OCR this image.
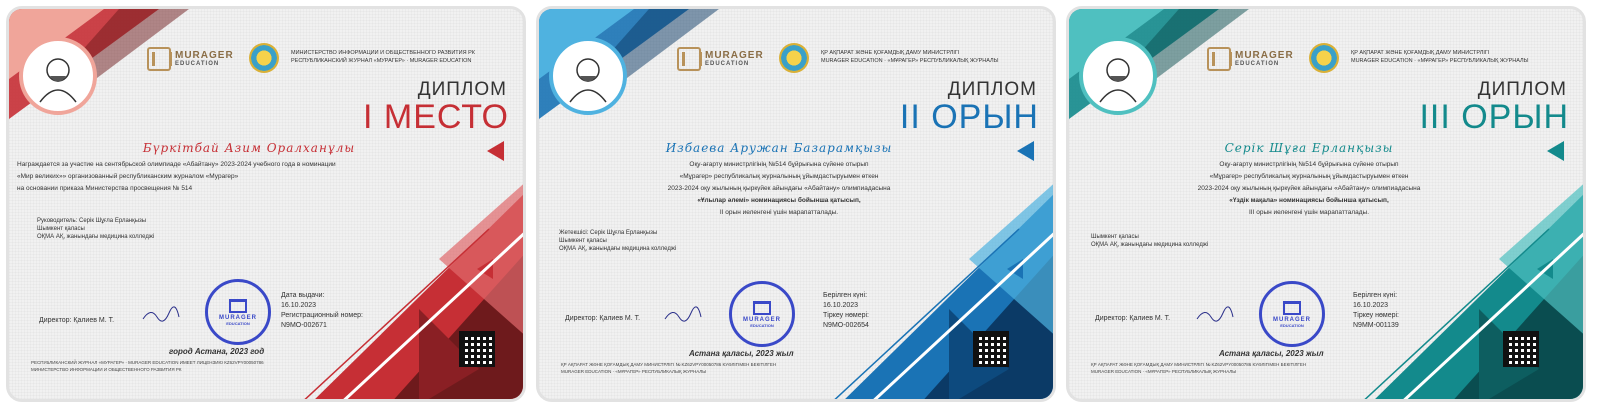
MURAGER
EDUCATION
МИНИСТЕРСТВО ИНФОРМАЦИИ И ОБЩЕСТВЕННОГО РАЗВИТИЯ РК
РЕСПУБЛИКАНСКИЙ ЖУРНАЛ «МУРАГЕР» · MURAGER EDUCATION
ДИПЛОМ
I МЕСТО
Бүркітбай Азим Оралханұлы
Награждается за участие на сентябрьской олимпиаде «Абайтану» 2023-2024 учебного года в номинации
«Мир великих»» организованный республиканским журналом «Мурагер»
на основании приказа Министерства просвещения № 514
Руководитель: Серік Шұғла Ерланқызы
Шымкент қаласы
ОҚМА АҚ, жанындағы медицина колледжі
Директор: Қалиев М. Т.	MURAGER
EDUCATION
Дата выдачи:
16.10.2023
Регистрационный номер:
N9MO-002671
город Астана, 2023 год
РЕСПУБЛИКАНСКИЙ ЖУРНАЛ «МУРАГЕР» · MURAGER EDUCATION ИМЕЕТ ЛИЦЕНЗИЮ КZ62VPY00050786
МИНИСТЕРСТВО ИНФОРМАЦИИ И ОБЩЕСТВЕННОГО РАЗВИТИЯ РК
MURAGER
EDUCATION
ҚР АҚПАРАТ ЖӘНЕ ҚОҒАМДЫҚ ДАМУ МИНИСТРЛІГІ
MURAGER EDUCATION · «МҰРАГЕР» РЕСПУБЛИКАЛЫҚ ЖУРНАЛЫ
ДИПЛОМ
II ОРЫН
Избаева Аружан Базарамқызы
Оқу-ағарту министрлігінің №514 бұйрығына сүйене отырып
«Мұрагер» республикалық журналының ұйымдастыруымен өткен
2023-2024 оқу жылының қыркүйек айындағы «Абайтану» олимпиадасына
«Ұлылар әлемі» номинациясы бойынша қатысып,
II орын иеленгені үшін марапатталады.
Жетекшісі: Серік Шұғла Ерланқызы
Шымкент қаласы
ОҚМА АҚ, жанындағы медицина колледжі
Директор: Қалиев М. Т.	MURAGER
EDUCATION
Берілген күні:
16.10.2023
Тіркеу нөмері:
N9MO-002654
Астана қаласы, 2023 жыл
ҚР АҚПАРАТ ЖӘНЕ ҚОҒАМДЫҚ ДАМУ МИНИСТРЛІГІ № KZ62VPY00050786 КУӘЛІГІМЕН БЕКІТІЛГЕН
MURAGER EDUCATION · «МҰРАГЕР» РЕСПУБЛИКАЛЫҚ ЖУРНАЛЫ
MURAGER
EDUCATION
ҚР АҚПАРАТ ЖӘНЕ ҚОҒАМДЫҚ ДАМУ МИНИСТРЛІГІ
MURAGER EDUCATION · «МҰРАГЕР» РЕСПУБЛИКАЛЫҚ ЖУРНАЛЫ
ДИПЛОМ
III ОРЫН
Серік Шұға Ерланқызы
Оқу-ағарту министрлігінің №514 бұйрығына сүйене отырып
«Мұрагер» республикалық журналының ұйымдастыруымен өткен
2023-2024 оқу жылының қыркүйек айындағы «Абайтану» олимпиадасына
«Үздік мақала» номинациясы бойынша қатысып,
III орын иеленгені үшін марапатталады.
Шымкент қаласы
ОҚМА АҚ, жанындағы медицина колледжі
Директор: Қалиев М. Т.	MURAGER
EDUCATION
Берілген күні:
16.10.2023
Тіркеу нөмері:
N9MM-001139
Астана қаласы, 2023 жыл
ҚР АҚПАРАТ ЖӘНЕ ҚОҒАМДЫҚ ДАМУ МИНИСТРЛІГІ № KZ62VPY00050786 КУӘЛІГІМЕН БЕКІТІЛГЕН
MURAGER EDUCATION · «МҰРАГЕР» РЕСПУБЛИКАЛЫҚ ЖУРНАЛЫ
